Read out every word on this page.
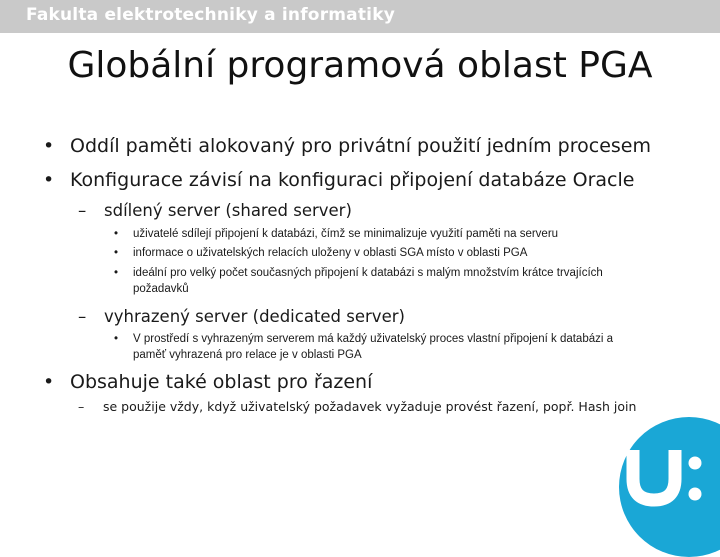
Fakulta elektrotechniky a informatiky
Globální programová oblast PGA
• Oddíl paměti alokovaný pro privátní použití jedním procesem
• Konfigurace závisí na konfiguraci připojení databáze Oracle
– sdílený server (shared server)
• uživatelé sdílejí připojení k databázi, čímž se minimalizuje využití paměti na serveru
• informace o uživatelských relacích uloženy v oblasti SGA místo v oblasti PGA
• ideální pro velký počet současných připojení k databázi s malým množstvím krátce trvajících
požadavků
– vyhrazený server (dedicated server)
• V prostředí s vyhrazeným serverem má každý uživatelský proces vlastní připojení k databázi a
paměť vyhrazená pro relace je v oblasti PGA
• Obsahuje také oblast pro řazení
– se použije vždy, když uživatelský požadavek vyžaduje provést řazení, popř. Hash join
